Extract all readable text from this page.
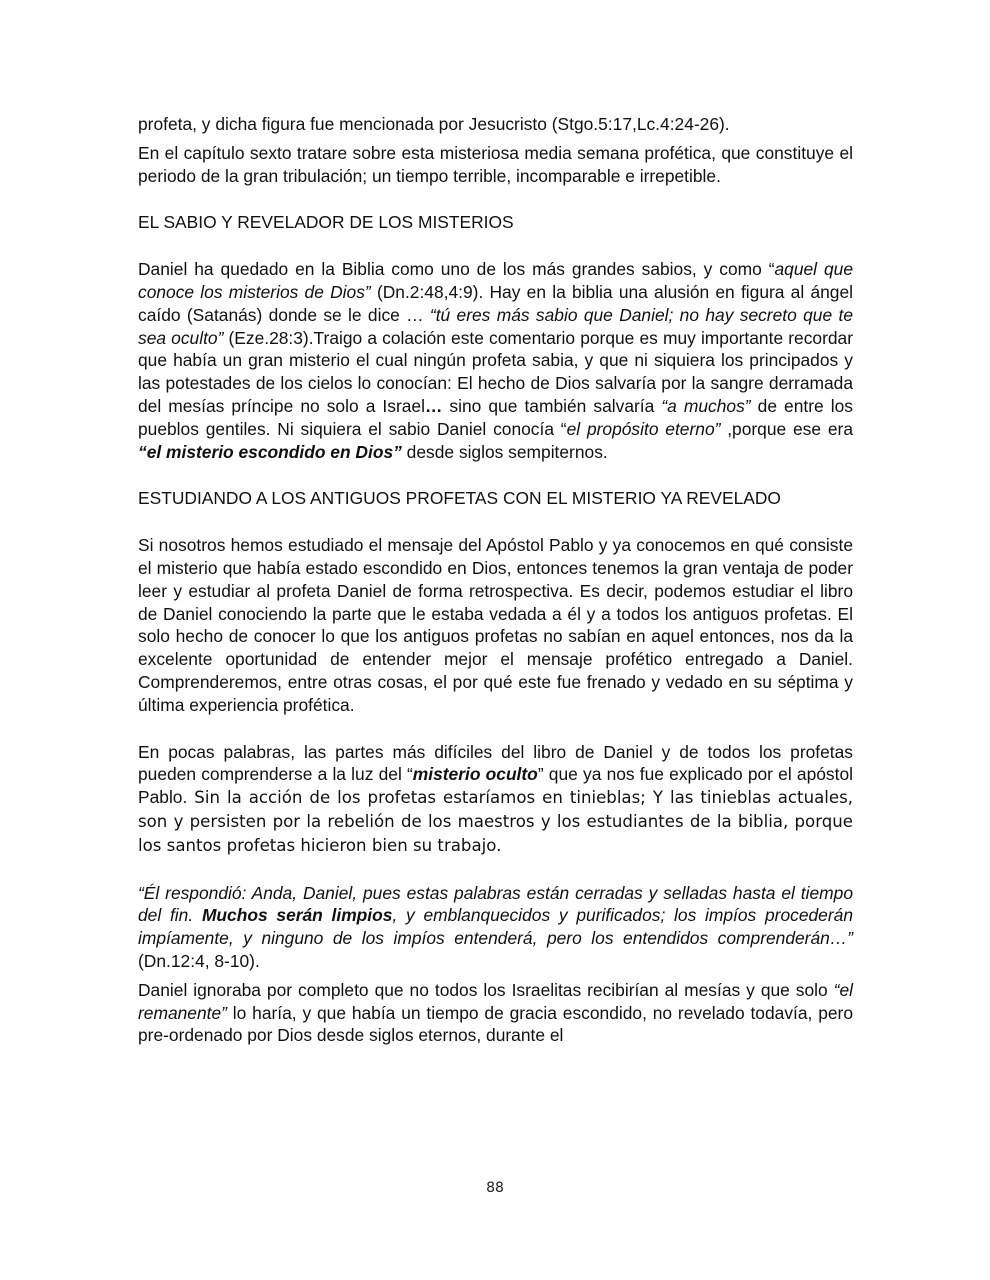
profeta, y dicha figura fue mencionada por Jesucristo (Stgo.5:17,Lc.4:24-26).

En el capítulo sexto tratare sobre esta misteriosa media semana profética, que constituye el periodo de la gran tribulación; un tiempo terrible, incomparable e irrepetible.

EL SABIO Y REVELADOR DE LOS MISTERIOS

Daniel ha quedado en la Biblia como uno de los más grandes sabios, y como “aquel que conoce los misterios de Dios” (Dn.2:48,4:9). Hay en la biblia una alusión en figura al ángel caído (Satanás) donde se le dice … “tú eres más sabio que Daniel; no hay secreto que te sea oculto” (Eze.28:3).Traigo a colación este comentario porque es muy importante recordar que había un gran misterio el cual ningún profeta sabia, y que ni siquiera los principados y las potestades de los cielos lo conocían: El hecho de Dios salvaría por la sangre derramada del mesías príncipe no solo a Israel… sino que también salvaría “a muchos” de entre los pueblos gentiles. Ni siquiera el sabio Daniel conocía “el propósito eterno” ,porque ese era “el misterio escondido en Dios” desde siglos sempiternos.

ESTUDIANDO A LOS ANTIGUOS PROFETAS CON EL MISTERIO YA REVELADO

Si nosotros hemos estudiado el mensaje del Apóstol Pablo y ya conocemos en qué consiste el misterio que había estado escondido en Dios, entonces tenemos la gran ventaja de poder leer y estudiar al profeta Daniel de forma retrospectiva. Es decir, podemos estudiar el libro de Daniel conociendo la parte que le estaba vedada a él y a todos los antiguos profetas. El solo hecho de conocer lo que los antiguos profetas no sabían en aquel entonces, nos da la excelente oportunidad de entender mejor el mensaje profético entregado a Daniel. Comprenderemos, entre otras cosas, el por qué este fue frenado y vedado en su séptima y última experiencia profética.

En pocas palabras, las partes más difíciles del libro de Daniel y de todos los profetas pueden comprenderse a la luz del “misterio oculto” que ya nos fue explicado por el apóstol Pablo. Sin la acción de los profetas estaríamos en tinieblas; Y las tinieblas actuales, son y persisten por la rebelión de los maestros y los estudiantes de la biblia, porque los santos profetas hicieron bien su trabajo.

“Él respondió: Anda, Daniel, pues estas palabras están cerradas y selladas hasta el tiempo del fin. Muchos serán limpios, y emblanquecidos y purificados; los impíos procederán impíamente, y ninguno de los impíos entenderá, pero los entendidos comprenderán…” (Dn.12:4, 8-10).

Daniel ignoraba por completo que no todos los Israelitas recibirían al mesías y que solo “el remanente” lo haría, y que había un tiempo de gracia escondido, no revelado todavía, pero pre-ordenado por Dios desde siglos eternos, durante el

88
